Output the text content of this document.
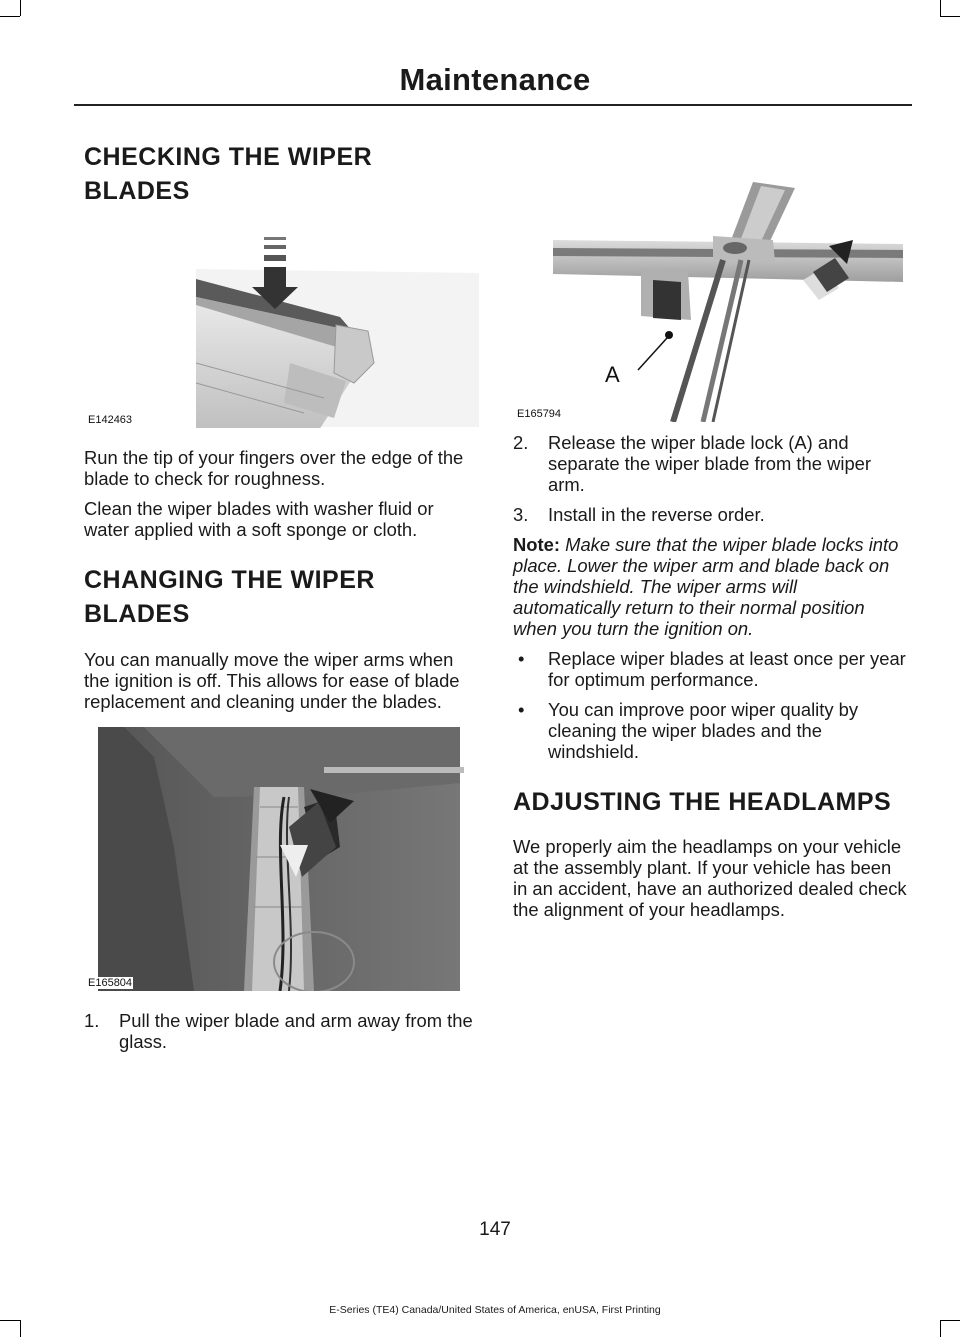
Maintenance
CHECKING THE WIPER
BLADES
E142463

Run the tip of your fingers over the edge of the blade to check for roughness.

Clean the wiper blades with washer fluid or water applied with a soft sponge or cloth.

CHANGING THE WIPER
BLADES

You can manually move the wiper arms when the ignition is off. This allows for ease of blade replacement and cleaning under the blades.

E165804
1.	Pull the wiper blade and arm away from the glass.
A
E165794
2.	Release the wiper blade lock (A) and separate the wiper blade from the wiper arm.
3.	Install in the reverse order.

Note: Make sure that the wiper blade locks into place. Lower the wiper arm and blade back on the windshield. The wiper arms will automatically return to their normal position when you turn the ignition on.

•	Replace wiper blades at least once per year for optimum performance.
•	You can improve poor wiper quality by cleaning the wiper blades and the windshield.
ADJUSTING THE HEADLAMPS

We properly aim the headlamps on your vehicle at the assembly plant. If your vehicle has been in an accident, have an authorized dealed check the alignment of your headlamps.

147
E-Series (TE4) Canada/United States of America, enUSA, First Printing
